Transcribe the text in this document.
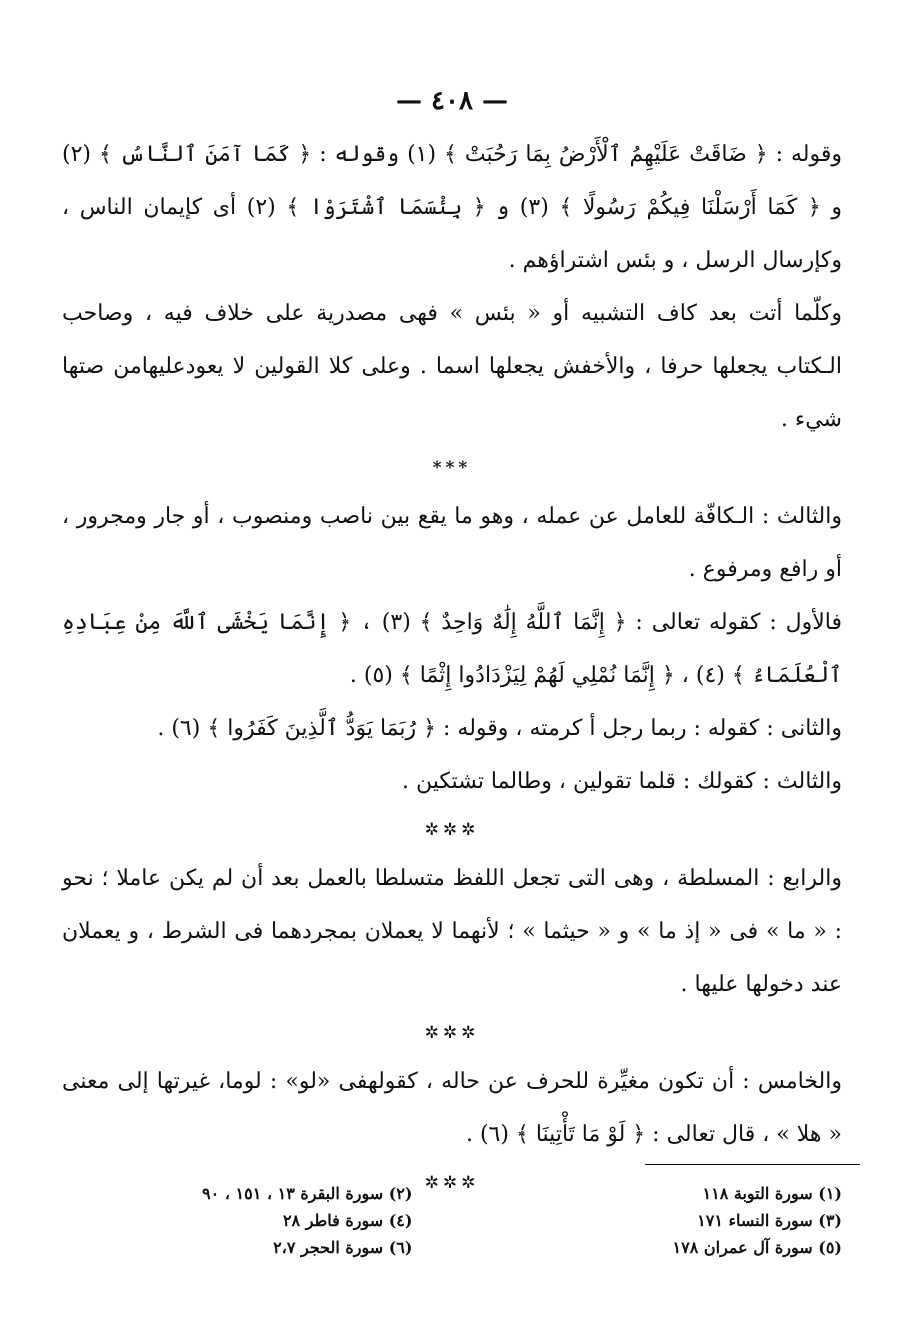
— ٤٠٨ —

وقوله : ﴿ ضَاقَتْ عَلَيْهِمُ ٱلْأَرْضُ بِمَا رَحُبَتْ ﴾ (١) وقوله : ﴿ كَمَا آمَنَ ٱلنَّاسُ ﴾ (٢) و ﴿ كَمَا أَرْسَلْنَا فِيكُمْ رَسُولًا ﴾ (٣) و ﴿ بِئْسَمَا ٱشْتَرَوْا ﴾ (٢) أى كإيمان الناس ، وكإرسال الرسل ، و بئس اشتراؤهم .

وكلّما أتت بعد كاف التشبيه أو « بئس » فهى مصدرية على خلاف فيه ، وصاحب الـكتاب يجعلها حرفا ، والأخفش يجعلها اسما . وعلى كلا القولين لا يعودعليهامن صتها شيء .

***

والثالث : الـكافّة للعامل عن عمله ، وهو ما يقع بين ناصب ومنصوب ، أو جار ومجرور ، أو رافع ومرفوع .

فالأول : كقوله تعالى : ﴿ إِنَّمَا ٱللَّهُ إِلَٰهٌ وَاحِدٌ ﴾ (٣) ، ﴿ إِنَّمَا يَخْشَى ٱللَّهَ مِنْ عِبَادِهِ ٱلْعُلَمَاءُ ﴾ (٤) ، ﴿ إِنَّمَا نُمْلِي لَهُمْ لِيَزْدَادُوا إِثْمًا ﴾ (٥) .

والثانى : كقوله : ربما رجل أ كرمته ، وقوله : ﴿ رُبَمَا يَوَدُّ ٱلَّذِينَ كَفَرُوا ﴾ (٦) .

والثالث : كقولك : قلما تقولين ، وطالما تشتكين .

✲✲✲

والرابع : المسلطة ، وهى التى تجعل اللفظ متسلطا بالعمل بعد أن لم يكن عاملا ؛ نحو : « ما » فى « إذ ما » و « حيثما » ؛ لأنهما لا يعملان بمجردهما فى الشرط ، و يعملان عند دخولها عليها .

✲✲✲

والخامس : أن تكون مغيِّرة للحرف عن حاله ، كقولهفى «لو» : لوما، غيرتها إلى معنى « هلا » ، قال تعالى : ﴿ لَوْ مَا تَأْتِينَا ﴾ (٦) .

✲✲✲

(١) سورة التوبة ١١٨
(٣) سورة النساء ١٧١
(٥) سورة آل عمران ١٧٨
(٢) سورة البقرة ١٣ ، ١٥١ ، ٩٠
(٤) سورة فاطر ٢٨
(٦) سورة الحجر ٢،٧
